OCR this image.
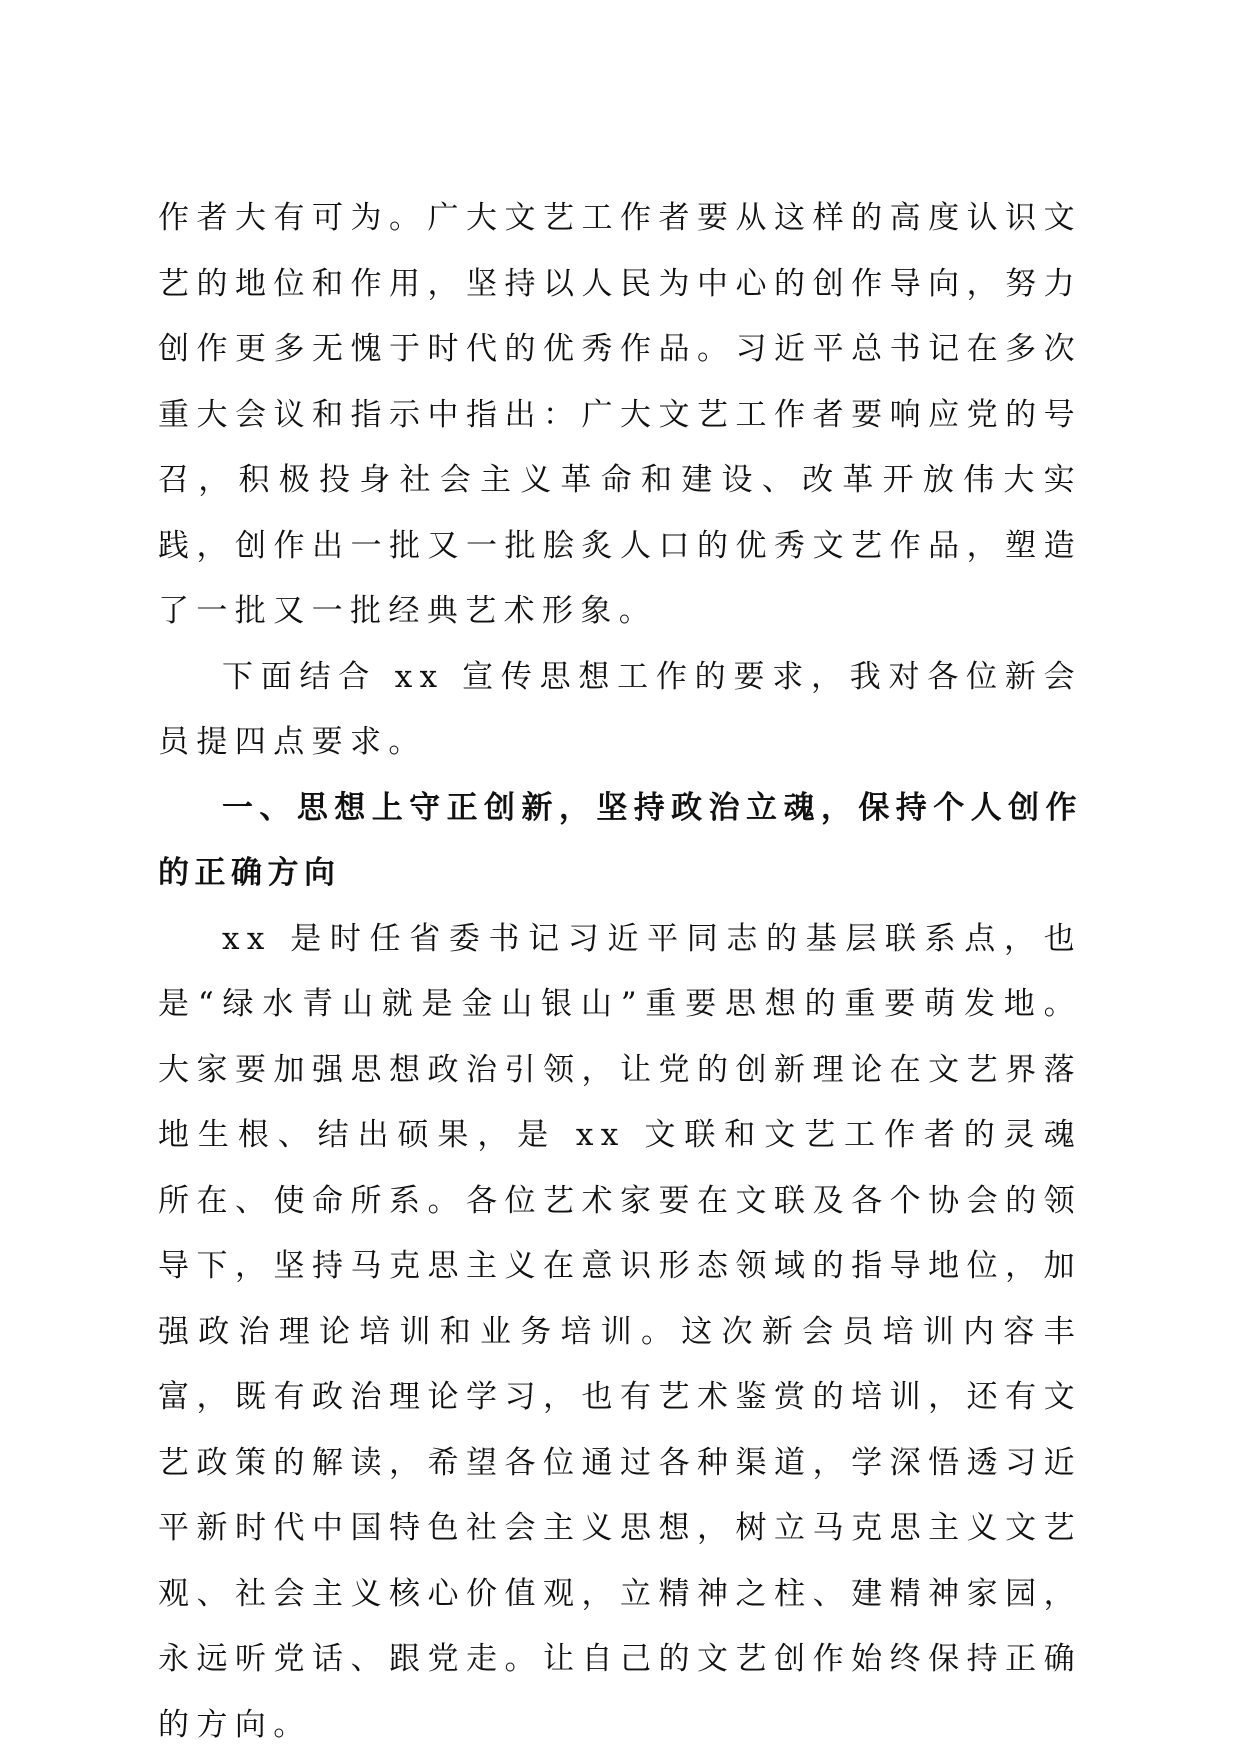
作者大有可为。广大文艺工作者要从这样的高度认识文艺的地位和作用，坚持以人民为中心的创作导向，努力创作更多无愧于时代的优秀作品。习近平总书记在多次重大会议和指示中指出：广大文艺工作者要响应党的号召，积极投身社会主义革命和建设、改革开放伟大实践，创作出一批又一批脍炙人口的优秀文艺作品，塑造了一批又一批经典艺术形象。

下面结合 xx 宣传思想工作的要求，我对各位新会员提四点要求。

一、思想上守正创新，坚持政治立魂，保持个人创作的正确方向

xx 是时任省委书记习近平同志的基层联系点，也是“绿水青山就是金山银山”重要思想的重要萌发地。大家要加强思想政治引领，让党的创新理论在文艺界落地生根、结出硕果，是 xx 文联和文艺工作者的灵魂所在、使命所系。各位艺术家要在文联及各个协会的领导下，坚持马克思主义在意识形态领域的指导地位，加强政治理论培训和业务培训。这次新会员培训内容丰富，既有政治理论学习，也有艺术鉴赏的培训，还有文艺政策的解读，希望各位通过各种渠道，学深悟透习近平新时代中国特色社会主义思想，树立马克思主义文艺观、社会主义核心价值观，立精神之柱、建精神家园，永远听党话、跟党走。让自己的文艺创作始终保持正确的方向。
